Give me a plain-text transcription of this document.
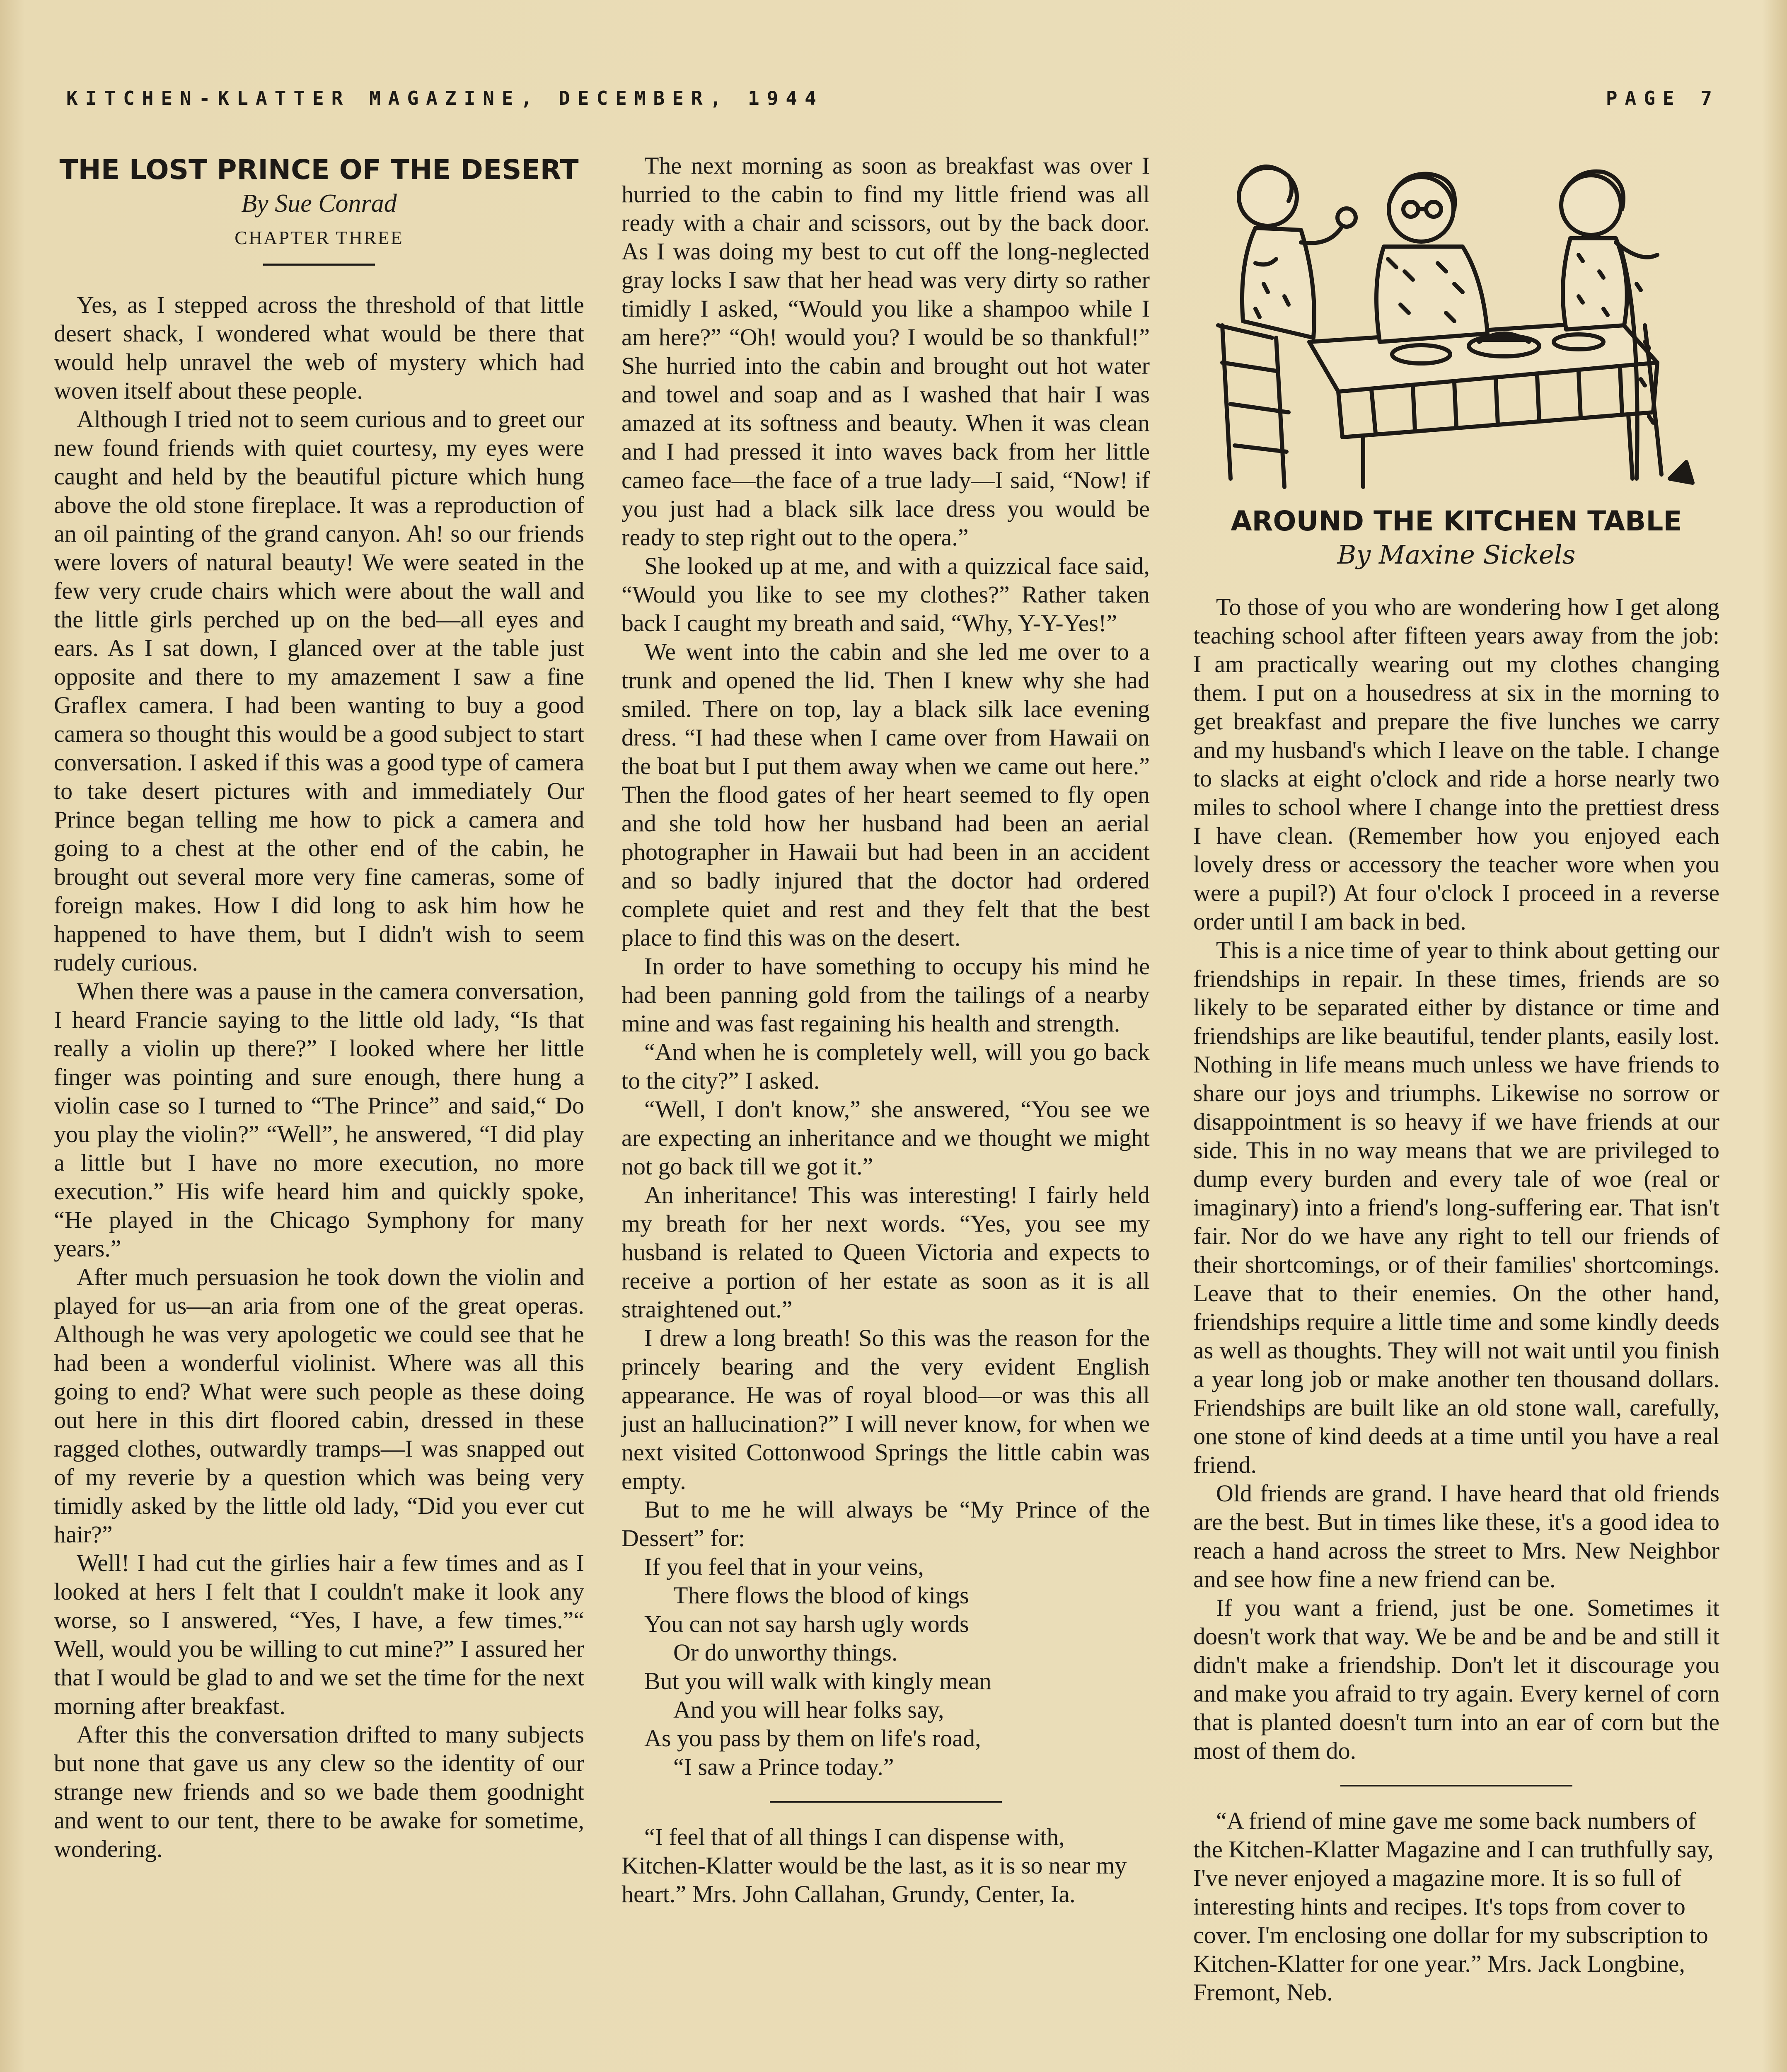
KITCHEN-KLATTER MAGAZINE, DECEMBER, 1944	PAGE 7
THE LOST PRINCE OF THE DESERT
By Sue Conrad
CHAPTER THREE

Yes, as I stepped across the threshold of that little desert shack, I wondered what would be there that would help unravel the web of mystery which had woven itself about these people.

Although I tried not to seem curious and to greet our new found friends with quiet courtesy, my eyes were caught and held by the beautiful picture which hung above the old stone fireplace. It was a reproduction of an oil painting of the grand canyon. Ah! so our friends were lovers of natural beauty! We were seated in the few very crude chairs which were about the wall and the little girls perched up on the bed—all eyes and ears. As I sat down, I glanced over at the table just opposite and there to my amazement I saw a fine Graflex camera. I had been wanting to buy a good camera so thought this would be a good subject to start conversation. I asked if this was a good type of camera to take desert pictures with and immediately Our Prince began telling me how to pick a camera and going to a chest at the other end of the cabin, he brought out several more very fine cameras, some of foreign makes. How I did long to ask him how he happened to have them, but I didn't wish to seem rudely curious.

When there was a pause in the camera conversation, I heard Francie saying to the little old lady, “Is that really a violin up there?” I looked where her little finger was pointing and sure enough, there hung a violin case so I turned to “The Prince” and said,“ Do you play the violin?” “Well”, he answered, “I did play a little but I have no more execution, no more execution.” His wife heard him and quickly spoke, “He played in the Chicago Symphony for many years.”

After much persuasion he took down the violin and played for us—an aria from one of the great operas. Although he was very apologetic we could see that he had been a wonderful violinist. Where was all this going to end? What were such people as these doing out here in this dirt floored cabin, dressed in these ragged clothes, outwardly tramps—I was snapped out of my reverie by a question which was being very timidly asked by the little old lady, “Did you ever cut hair?”

Well! I had cut the girlies hair a few times and as I looked at hers I felt that I couldn't make it look any worse, so I answered, “Yes, I have, a few times.”“ Well, would you be willing to cut mine?” I assured her that I would be glad to and we set the time for the next morning after breakfast.

After this the conversation drifted to many subjects but none that gave us any clew so the identity of our strange new friends and so we bade them goodnight and went to our tent, there to be awake for sometime, wondering.

The next morning as soon as breakfast was over I hurried to the cabin to find my little friend was all ready with a chair and scissors, out by the back door. As I was doing my best to cut off the long-neglected gray locks I saw that her head was very dirty so rather timidly I asked, “Would you like a shampoo while I am here?” “Oh! would you? I would be so thankful!” She hurried into the cabin and brought out hot water and towel and soap and as I washed that hair I was amazed at its softness and beauty. When it was clean and I had pressed it into waves back from her little cameo face—the face of a true lady—I said, “Now! if you just had a black silk lace dress you would be ready to step right out to the opera.”

She looked up at me, and with a quizzical face said, “Would you like to see my clothes?” Rather taken back I caught my breath and said, “Why, Y-Y-Yes!”

We went into the cabin and she led me over to a trunk and opened the lid. Then I knew why she had smiled. There on top, lay a black silk lace evening dress. “I had these when I came over from Hawaii on the boat but I put them away when we came out here.” Then the flood gates of her heart seemed to fly open and she told how her husband had been an aerial photographer in Hawaii but had been in an accident and so badly injured that the doctor had ordered complete quiet and rest and they felt that the best place to find this was on the desert.

In order to have something to occupy his mind he had been panning gold from the tailings of a nearby mine and was fast regaining his health and strength.

“And when he is completely well, will you go back to the city?” I asked.

“Well, I don't know,” she answered, “You see we are expecting an inheritance and we thought we might not go back till we got it.”

An inheritance! This was interesting! I fairly held my breath for her next words. “Yes, you see my husband is related to Queen Victoria and expects to receive a portion of her estate as soon as it is all straightened out.”

I drew a long breath! So this was the reason for the princely bearing and the very evident English appearance. He was of royal blood—or was this all just an hallucination?” I will never know, for when we next visited Cottonwood Springs the little cabin was empty.

But to me he will always be “My Prince of the Dessert” for:

If you feel that in your veins,
There flows the blood of kings
You can not say harsh ugly words
Or do unworthy things.
But you will walk with kingly mean
And you will hear folks say,
As you pass by them on life's road,
“I saw a Prince today.”

“I feel that of all things I can dispense with, Kitchen-Klatter would be the last, as it is so near my heart.” Mrs. John Callahan, Grundy, Center, Ia.

AROUND THE KITCHEN TABLE
By Maxine Sickels

To those of you who are wondering how I get along teaching school after fifteen years away from the job: I am practically wearing out my clothes changing them. I put on a housedress at six in the morning to get breakfast and prepare the five lunches we carry and my husband's which I leave on the table. I change to slacks at eight o'clock and ride a horse nearly two miles to school where I change into the prettiest dress I have clean. (Remember how you enjoyed each lovely dress or accessory the teacher wore when you were a pupil?) At four o'clock I proceed in a reverse order until I am back in bed.

This is a nice time of year to think about getting our friendships in repair. In these times, friends are so likely to be separated either by distance or time and friendships are like beautiful, tender plants, easily lost. Nothing in life means much unless we have friends to share our joys and triumphs. Likewise no sorrow or disappointment is so heavy if we have friends at our side. This in no way means that we are privileged to dump every burden and every tale of woe (real or imaginary) into a friend's long-suffering ear. That isn't fair. Nor do we have any right to tell our friends of their shortcomings, or of their families' shortcomings. Leave that to their enemies. On the other hand, friendships require a little time and some kindly deeds as well as thoughts. They will not wait until you finish a year long job or make another ten thousand dollars. Friendships are built like an old stone wall, carefully, one stone of kind deeds at a time until you have a real friend.

Old friends are grand. I have heard that old friends are the best. But in times like these, it's a good idea to reach a hand across the street to Mrs. New Neighbor and see how fine a new friend can be.

If you want a friend, just be one. Sometimes it doesn't work that way. We be and be and be and still it didn't make a friendship. Don't let it discourage you and make you afraid to try again. Every kernel of corn that is planted doesn't turn into an ear of corn but the most of them do.

“A friend of mine gave me some back numbers of the Kitchen-Klatter Magazine and I can truthfully say, I've never enjoyed a magazine more. It is so full of interesting hints and recipes. It's tops from cover to cover. I'm enclosing one dollar for my subscription to Kitchen-Klatter for one year.” Mrs. Jack Longbine, Fremont, Neb.
